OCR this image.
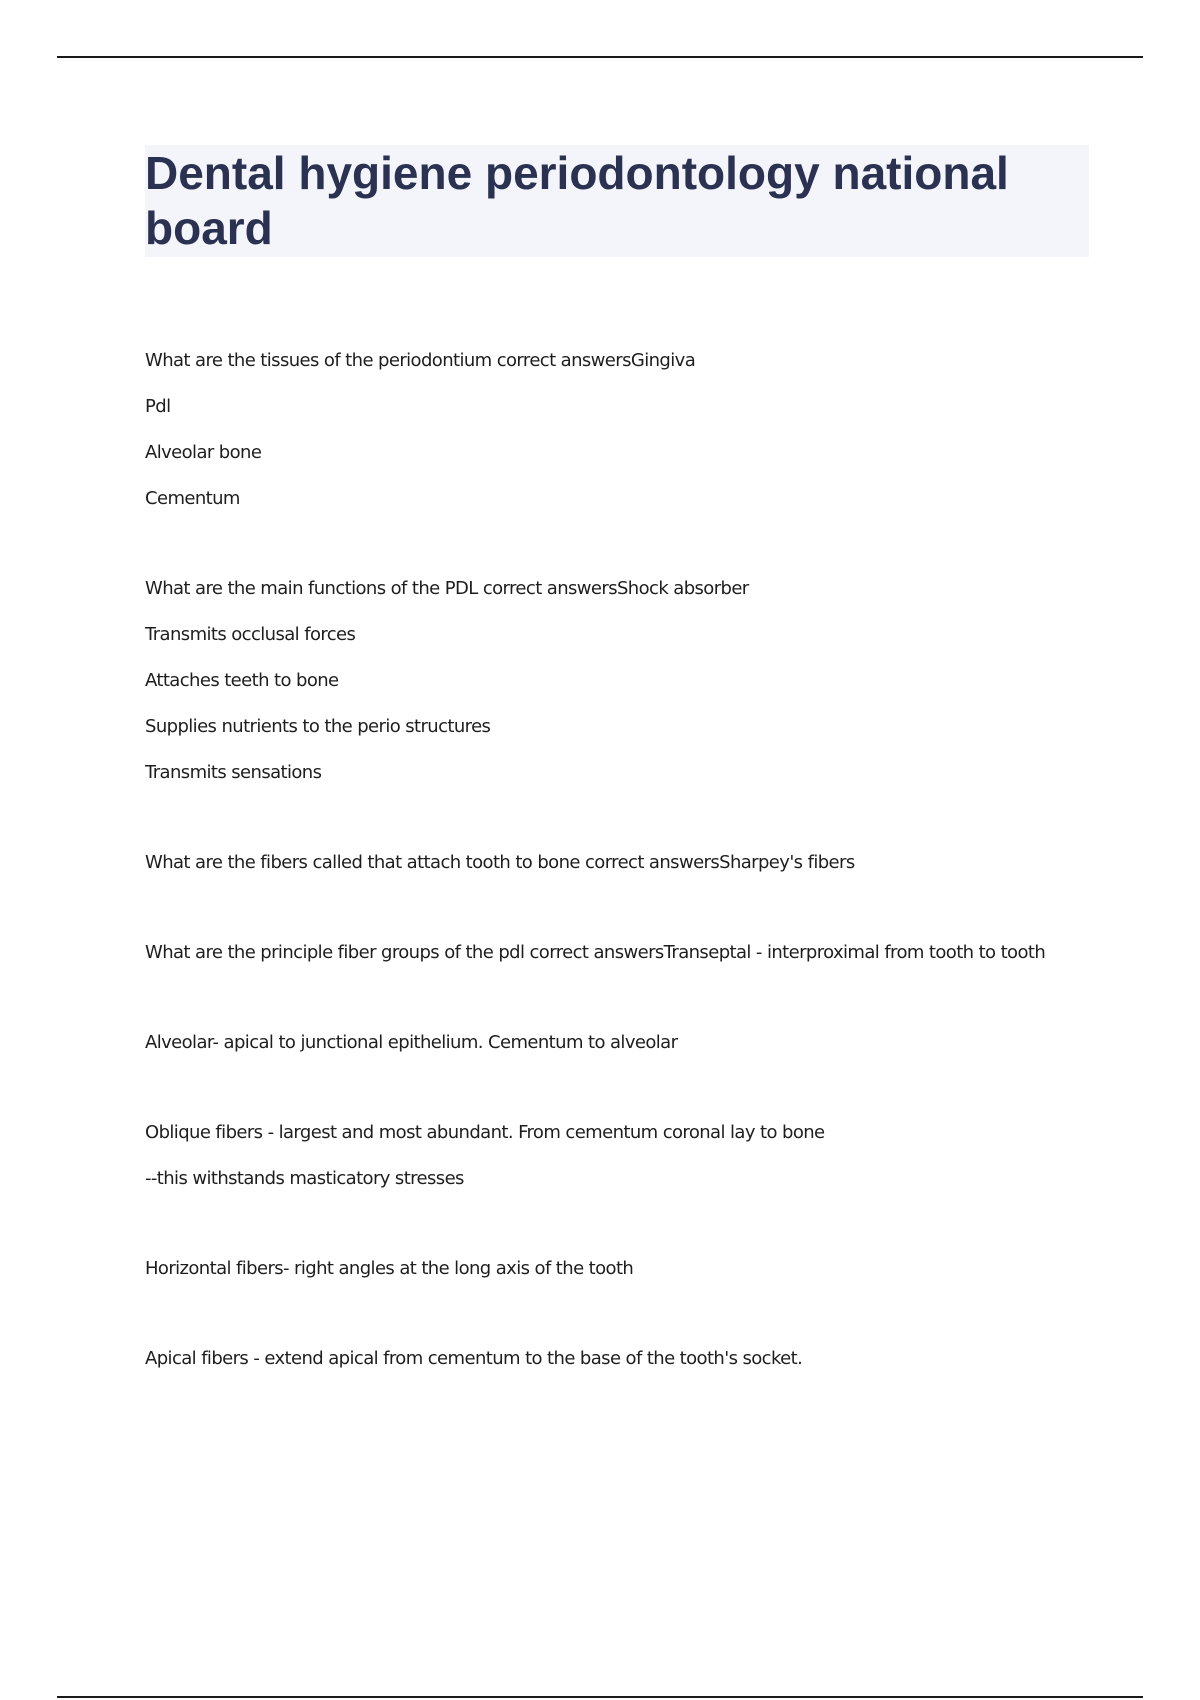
Dental hygiene periodontology national board

What are the tissues of the periodontium correct answersGingiva

Pdl

Alveolar bone

Cementum

What are the main functions of the PDL correct answersShock absorber

Transmits occlusal forces

Attaches teeth to bone

Supplies nutrients to the perio structures

Transmits sensations

What are the fibers called that attach tooth to bone correct answersSharpey's fibers

What are the principle fiber groups of the pdl correct answersTranseptal - interproximal from tooth to tooth

Alveolar- apical to junctional epithelium. Cementum to alveolar

Oblique fibers - largest and most abundant. From cementum coronal lay to bone

--this withstands masticatory stresses

Horizontal fibers- right angles at the long axis of the tooth

Apical fibers - extend apical from cementum to the base of the tooth's socket.
